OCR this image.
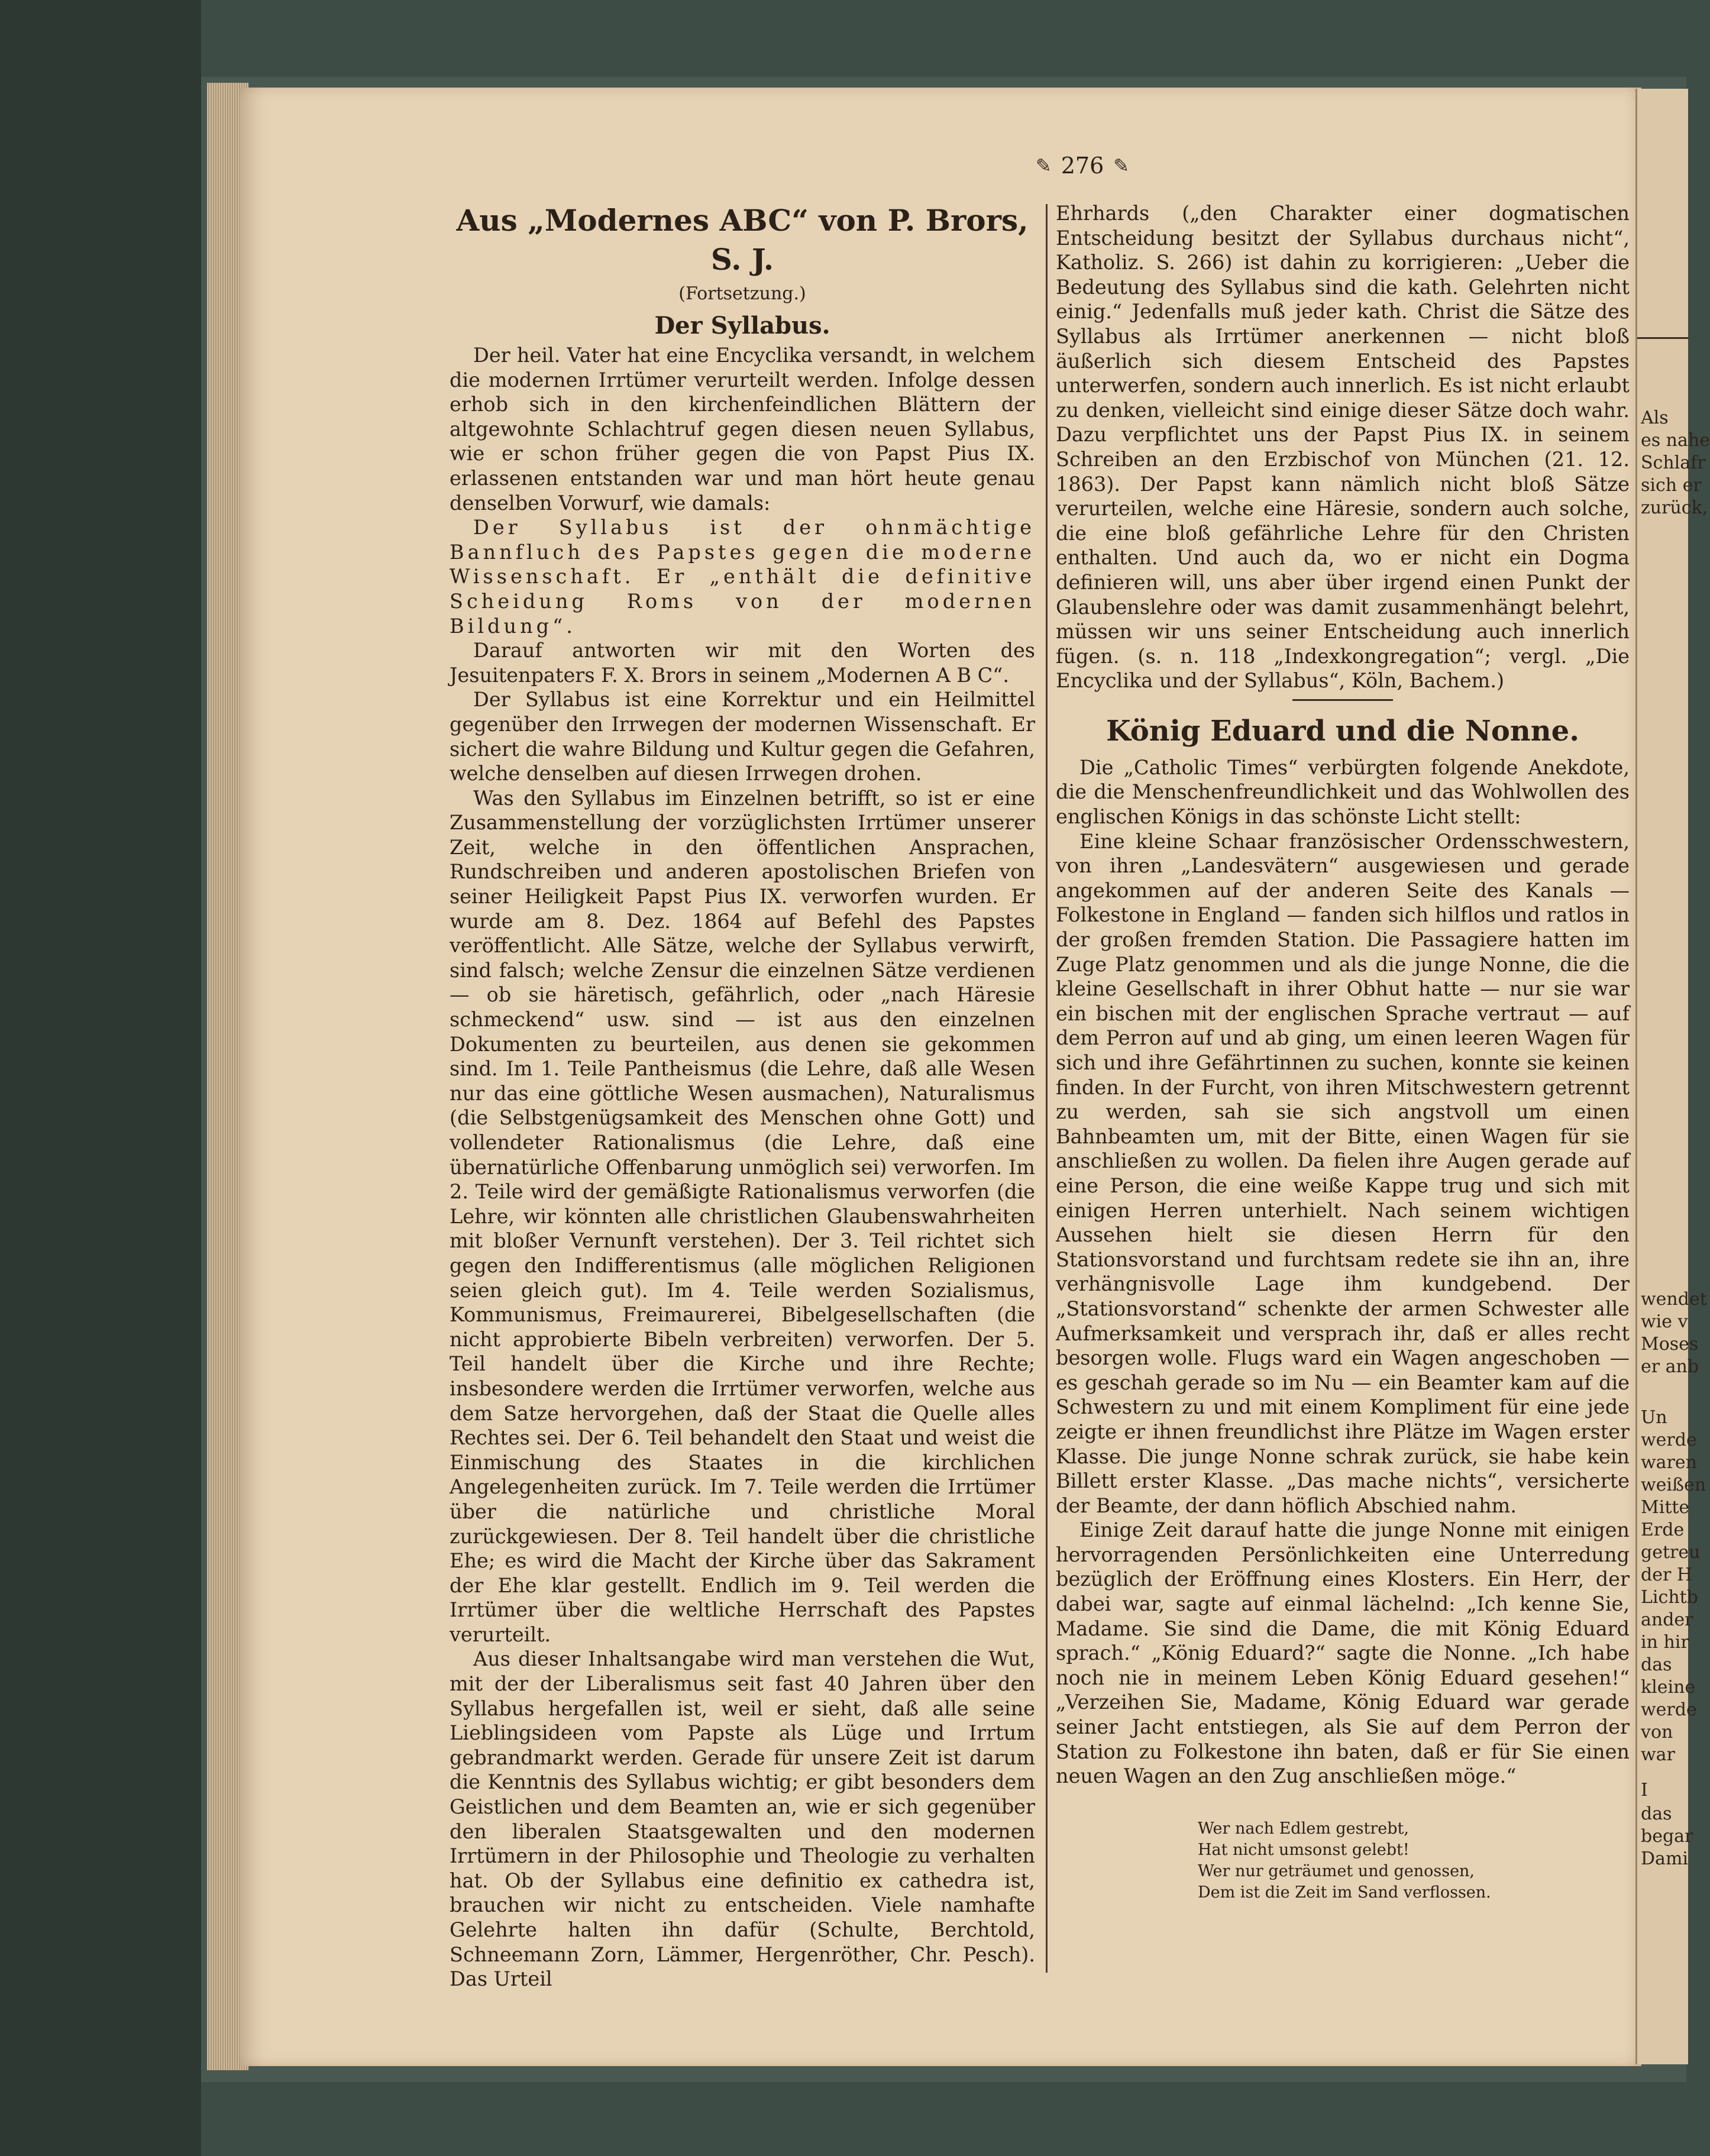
✎ 276 ✎
Aus „Modernes ABC“ von P. Brors, S. J.
(Fortsetzung.)
Der Syllabus.

Der heil. Vater hat eine Encyclika versandt, in welchem die modernen Irrtümer verurteilt werden. Infolge dessen erhob sich in den kirchenfeindlichen Blättern der altgewohnte Schlachtruf gegen diesen neuen Syllabus, wie er schon früher gegen die von Papst Pius IX. erlassenen entstanden war und man hört heute genau denselben Vorwurf, wie damals:

Der Syllabus ist der ohnmächtige Bannfluch des Papstes gegen die moderne Wissenschaft. Er „enthält die definitive Scheidung Roms von der modernen Bildung“.

Darauf antworten wir mit den Worten des Jesuitenpaters F. X. Brors in seinem „Modernen A B C“.

Der Syllabus ist eine Korrektur und ein Heilmittel gegenüber den Irrwegen der modernen Wissenschaft. Er sichert die wahre Bildung und Kultur gegen die Gefahren, welche denselben auf diesen Irrwegen drohen.

Was den Syllabus im Einzelnen betrifft, so ist er eine Zusammenstellung der vorzüglichsten Irrtümer unserer Zeit, welche in den öffentlichen Ansprachen, Rundschreiben und anderen apostolischen Briefen von seiner Heiligkeit Papst Pius IX. verworfen wurden. Er wurde am 8. Dez. 1864 auf Befehl des Papstes veröffentlicht. Alle Sätze, welche der Syllabus verwirft, sind falsch; welche Zensur die einzelnen Sätze verdienen — ob sie häretisch, gefährlich, oder „nach Häresie schmeckend“ usw. sind — ist aus den einzelnen Dokumenten zu beurteilen, aus denen sie gekommen sind. Im 1. Teile Pantheismus (die Lehre, daß alle Wesen nur das eine göttliche Wesen ausmachen), Naturalismus (die Selbstgenügsamkeit des Menschen ohne Gott) und vollendeter Rationalismus (die Lehre, daß eine übernatürliche Offenbarung unmöglich sei) verworfen. Im 2. Teile wird der gemäßigte Rationalismus verworfen (die Lehre, wir könnten alle christlichen Glaubenswahrheiten mit bloßer Vernunft verstehen). Der 3. Teil richtet sich gegen den Indifferentismus (alle möglichen Religionen seien gleich gut). Im 4. Teile werden Sozialismus, Kommunismus, Freimaurerei, Bibelgesellschaften (die nicht approbierte Bibeln verbreiten) verworfen. Der 5. Teil handelt über die Kirche und ihre Rechte; insbesondere werden die Irrtümer verworfen, welche aus dem Satze hervorgehen, daß der Staat die Quelle alles Rechtes sei. Der 6. Teil behandelt den Staat und weist die Einmischung des Staates in die kirchlichen Angelegenheiten zurück. Im 7. Teile werden die Irrtümer über die natürliche und christliche Moral zurückgewiesen. Der 8. Teil handelt über die christliche Ehe; es wird die Macht der Kirche über das Sakrament der Ehe klar gestellt. Endlich im 9. Teil werden die Irrtümer über die weltliche Herrschaft des Papstes verurteilt.

Aus dieser Inhaltsangabe wird man verstehen die Wut, mit der der Liberalismus seit fast 40 Jahren über den Syllabus hergefallen ist, weil er sieht, daß alle seine Lieblingsideen vom Papste als Lüge und Irrtum gebrandmarkt werden. Gerade für unsere Zeit ist darum die Kenntnis des Syllabus wichtig; er gibt besonders dem Geistlichen und dem Beamten an, wie er sich gegenüber den liberalen Staatsgewalten und den modernen Irrtümern in der Philosophie und Theologie zu verhalten hat. Ob der Syllabus eine definitio ex cathedra ist, brauchen wir nicht zu entscheiden. Viele namhafte Gelehrte halten ihn dafür (Schulte, Berchtold, Schneemann Zorn, Lämmer, Hergenröther, Chr. Pesch). Das Urteil

Ehrhards („den Charakter einer dogmatischen Entscheidung besitzt der Syllabus durchaus nicht“, Katholiz. S. 266) ist dahin zu korrigieren: „Ueber die Bedeutung des Syllabus sind die kath. Gelehrten nicht einig.“ Jedenfalls muß jeder kath. Christ die Sätze des Syllabus als Irrtümer anerkennen — nicht bloß äußerlich sich diesem Entscheid des Papstes unterwerfen, sondern auch innerlich. Es ist nicht erlaubt zu denken, vielleicht sind einige dieser Sätze doch wahr. Dazu verpflichtet uns der Papst Pius IX. in seinem Schreiben an den Erzbischof von München (21. 12. 1863). Der Papst kann nämlich nicht bloß Sätze verurteilen, welche eine Häresie, sondern auch solche, die eine bloß gefährliche Lehre für den Christen enthalten. Und auch da, wo er nicht ein Dogma definieren will, uns aber über irgend einen Punkt der Glaubenslehre oder was damit zusammenhängt belehrt, müssen wir uns seiner Entscheidung auch innerlich fügen. (s. n. 118 „Indexkongregation“; vergl. „Die Encyclika und der Syllabus“, Köln, Bachem.)

König Eduard und die Nonne.

Die „Catholic Times“ verbürgten folgende Anekdote, die die Menschenfreundlichkeit und das Wohlwollen des englischen Königs in das schönste Licht stellt:

Eine kleine Schaar französischer Ordensschwestern, von ihren „Landesvätern“ ausgewiesen und gerade angekommen auf der anderen Seite des Kanals — Folkestone in England — fanden sich hilflos und ratlos in der großen fremden Station. Die Passagiere hatten im Zuge Platz genommen und als die junge Nonne, die die kleine Gesellschaft in ihrer Obhut hatte — nur sie war ein bischen mit der englischen Sprache vertraut — auf dem Perron auf und ab ging, um einen leeren Wagen für sich und ihre Gefährtinnen zu suchen, konnte sie keinen finden. In der Furcht, von ihren Mitschwestern getrennt zu werden, sah sie sich angstvoll um einen Bahnbeamten um, mit der Bitte, einen Wagen für sie anschließen zu wollen. Da fielen ihre Augen gerade auf eine Person, die eine weiße Kappe trug und sich mit einigen Herren unterhielt. Nach seinem wichtigen Aussehen hielt sie diesen Herrn für den Stationsvorstand und furchtsam redete sie ihn an, ihre verhängnisvolle Lage ihm kundgebend. Der „Stationsvorstand“ schenkte der armen Schwester alle Aufmerksamkeit und versprach ihr, daß er alles recht besorgen wolle. Flugs ward ein Wagen angeschoben — es geschah gerade so im Nu — ein Beamter kam auf die Schwestern zu und mit einem Kompliment für eine jede zeigte er ihnen freundlichst ihre Plätze im Wagen erster Klasse. Die junge Nonne schrak zurück, sie habe kein Billett erster Klasse. „Das mache nichts“, versicherte der Beamte, der dann höflich Abschied nahm.

Einige Zeit darauf hatte die junge Nonne mit einigen hervorragenden Persönlichkeiten eine Unterredung bezüglich der Eröffnung eines Klosters. Ein Herr, der dabei war, sagte auf einmal lächelnd: „Ich kenne Sie, Madame. Sie sind die Dame, die mit König Eduard sprach.“ „König Eduard?“ sagte die Nonne. „Ich habe noch nie in meinem Leben König Eduard gesehen!“ „Verzeihen Sie, Madame, König Eduard war gerade seiner Jacht entstiegen, als Sie auf dem Perron der Station zu Folkestone ihn baten, daß er für Sie einen neuen Wagen an den Zug anschließen möge.“

Wer nach Edlem gestrebt,
Hat nicht umsonst gelebt!
Wer nur geträumet und genossen,
Dem ist die Zeit im Sand verflossen.
Als
es nahe
Schlafr
sich er
zurück,
wendet
wie v
Moses
er anb
Un
werde
waren
weißen
Mitte
Erde
getreu
der H
Lichtb
ander
in hir
das
kleine
werde
von
war
I
das
begar
Dami
